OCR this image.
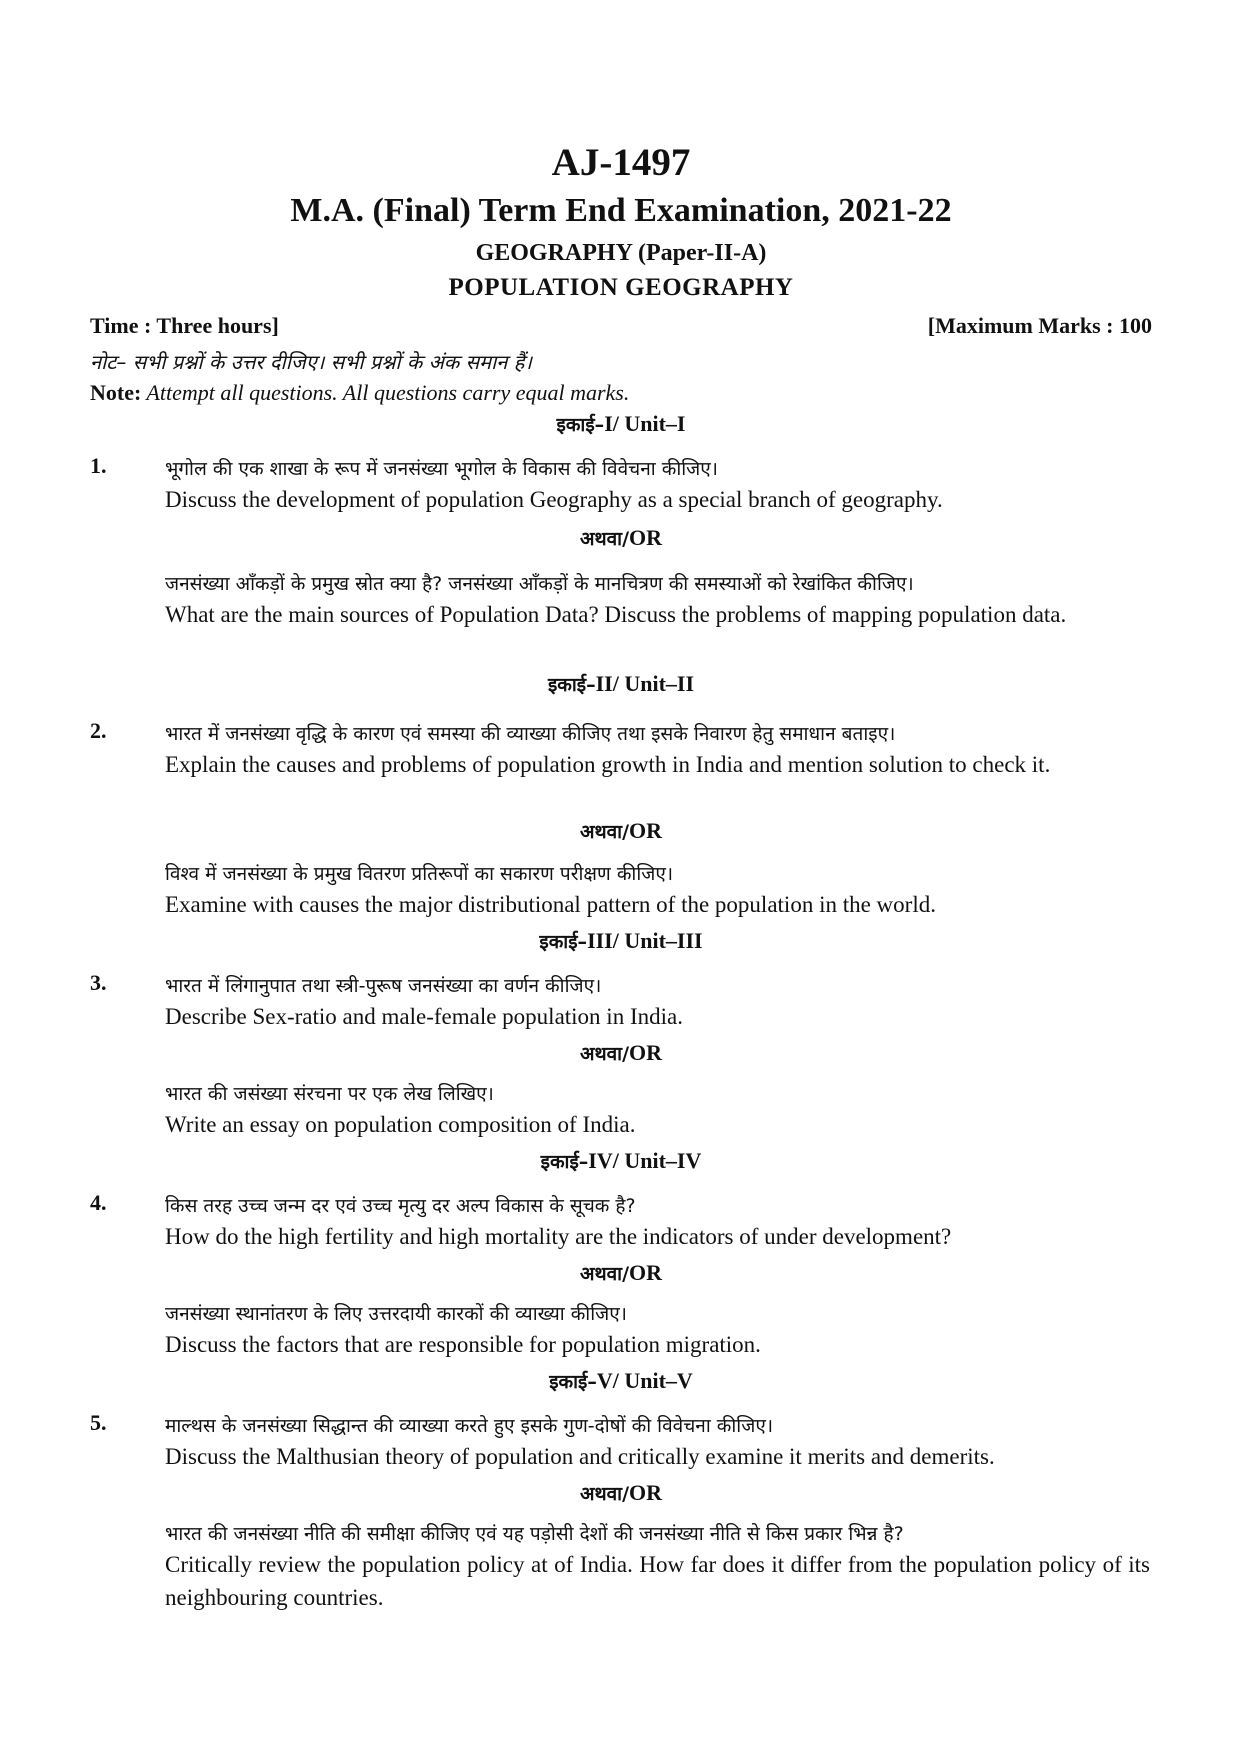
AJ-1497
M.A. (Final) Term End Examination, 2021-22
GEOGRAPHY (Paper-II-A)
POPULATION GEOGRAPHY
Time : Three hours]	[Maximum Marks : 100
नोट– सभी प्रश्नों के उत्तर दीजिए। सभी प्रश्नों के अंक समान हैं।
Note: Attempt all questions. All questions carry equal marks.
इकाई–I/ Unit–I
1.	भूगोल की एक शाखा के रूप में जनसंख्या भूगोल के विकास की विवेचना कीजिए।
Discuss the development of population Geography as a special branch of geography.
अथवा/OR
जनसंख्या आँकड़ों के प्रमुख स्रोत क्या है? जनसंख्या आँकड़ों के मानचित्रण की समस्याओं को रेखांकित कीजिए।
What are the main sources of Population Data? Discuss the problems of mapping population data.
इकाई–II/ Unit–II
2.	भारत में जनसंख्या वृद्धि के कारण एवं समस्या की व्याख्या कीजिए तथा इसके निवारण हेतु समाधान बताइए।
Explain the causes and problems of population growth in India and mention solution to check it.
अथवा/OR
विश्व में जनसंख्या के प्रमुख वितरण प्रतिरूपों का सकारण परीक्षण कीजिए।
Examine with causes the major distributional pattern of the population in the world.
इकाई–III/ Unit–III
3.	भारत में लिंगानुपात तथा स्त्री-पुरूष जनसंख्या का वर्णन कीजिए।
Describe Sex-ratio and male-female population in India.
अथवा/OR
भारत की जसंख्या संरचना पर एक लेख लिखिए।
Write an essay on population composition of India.
इकाई–IV/ Unit–IV
4.	किस तरह उच्च जन्म दर एवं उच्च मृत्यु दर अल्प विकास के सूचक है?
How do the high fertility and high mortality are the indicators of under development?
अथवा/OR
जनसंख्या स्थानांतरण के लिए उत्तरदायी कारकों की व्याख्या कीजिए।
Discuss the factors that are responsible for population migration.
इकाई–V/ Unit–V
5.	माल्थस के जनसंख्या सिद्धान्त की व्याख्या करते हुए इसके गुण-दोषों की विवेचना कीजिए।
Discuss the Malthusian theory of population and critically examine it merits and demerits.
अथवा/OR
भारत की जनसंख्या नीति की समीक्षा कीजिए एवं यह पड़ोसी देशों की जनसंख्या नीति से किस प्रकार भिन्न है?
Critically review the population policy at of India. How far does it differ from the population policy of its neighbouring countries.
